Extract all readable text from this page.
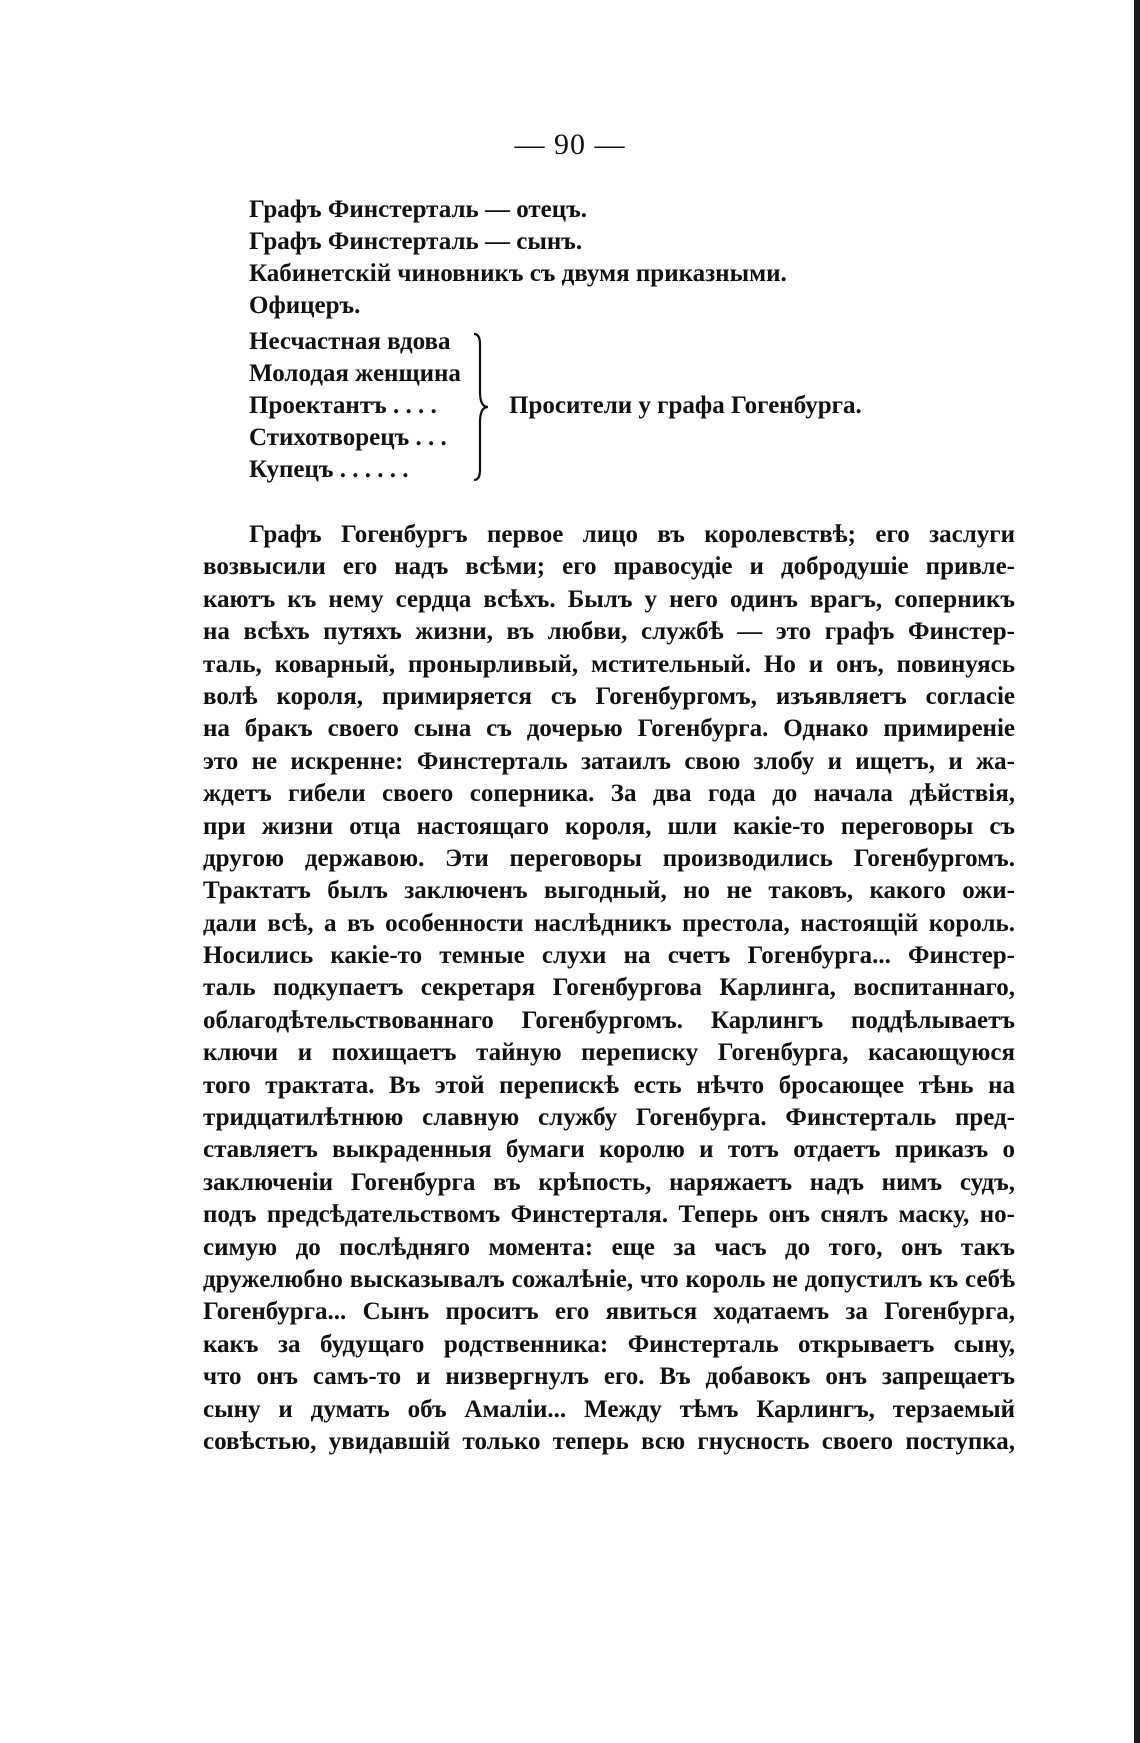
— 90 —
Графъ Финстерталь — отецъ.
Графъ Финстерталь — сынъ.
Кабинетскій чиновникъ съ двумя приказными.
Офицеръ.
Несчастная вдова
Молодая женщина
Проектантъ . . . .
Стихотворецъ . . .
Купецъ . . . . . .
Просители у графа Гогенбурга.
Графъ Гогенбургъ первое лицо въ королевствѣ; его заслуги
возвысили его надъ всѣми; его правосудіе и добродушіе привле-
каютъ къ нему сердца всѣхъ. Былъ у него одинъ врагъ, соперникъ
на всѣхъ путяхъ жизни, въ любви, службѣ — это графъ Финстер-
таль, коварный, пронырливый, мстительный. Но и онъ, повинуясь
волѣ короля, примиряется съ Гогенбургомъ, изъявляетъ согласіе
на бракъ своего сына съ дочерью Гогенбурга. Однако примиреніе
это не искренне: Финстерталь затаилъ свою злобу и ищетъ, и жа-
ждетъ гибели своего соперника. За два года до начала дѣйствія,
при жизни отца настоящаго короля, шли какіе-то переговоры съ
другою державою. Эти переговоры производились Гогенбургомъ.
Трактатъ былъ заключенъ выгодный, но не таковъ, какого ожи-
дали всѣ, а въ особенности наслѣдникъ престола, настоящій король.
Носились какіе-то темные слухи на счетъ Гогенбурга... Финстер-
таль подкупаетъ секретаря Гогенбургова Карлинга, воспитаннаго,
облагодѣтельствованнаго Гогенбургомъ. Карлингъ поддѣлываетъ
ключи и похищаетъ тайную переписку Гогенбурга, касающуюся
того трактата. Въ этой перепискѣ есть нѣчто бросающее тѣнь на
тридцатилѣтнюю славную службу Гогенбурга. Финстерталь пред-
ставляетъ выкраденныя бумаги королю и тотъ отдаетъ приказъ о
заключеніи Гогенбурга въ крѣпость, наряжаетъ надъ нимъ судъ,
подъ предсѣдательствомъ Финстерталя. Теперь онъ снялъ маску, но-
симую до послѣдняго момента: еще за часъ до того, онъ такъ
дружелюбно высказывалъ сожалѣніе, что король не допустилъ къ себѣ
Гогенбурга... Сынъ проситъ его явиться ходатаемъ за Гогенбурга,
какъ за будущаго родственника: Финстерталь открываетъ сыну,
что онъ самъ-то и низвергнулъ его. Въ добавокъ онъ запрещаетъ
сыну и думать объ Амаліи... Между тѣмъ Карлингъ, терзаемый
совѣстью, увидавшій только теперь всю гнусность своего поступка,
